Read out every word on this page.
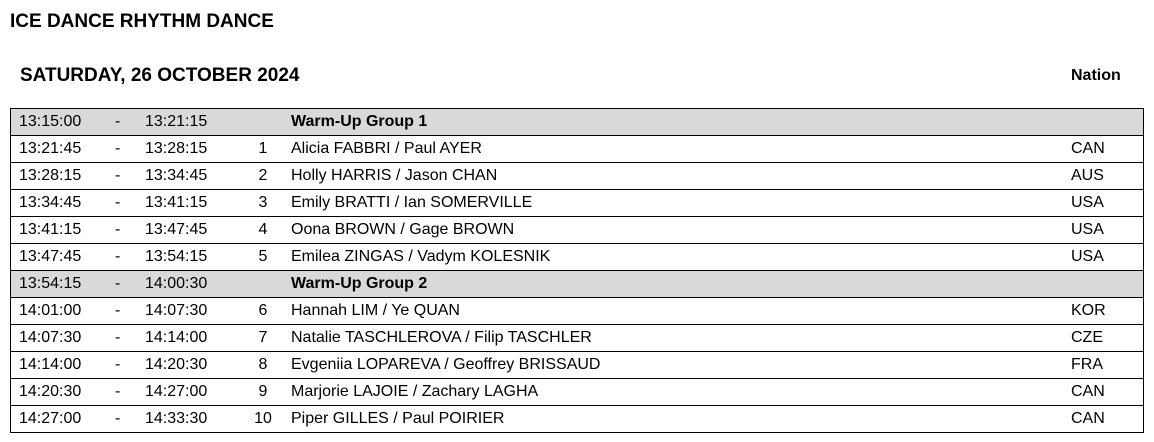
ICE DANCE RHYTHM DANCE
SATURDAY, 26 OCTOBER 2024	Nation
13:15:00	-	13:21:15		Warm-Up Group 1	
13:21:45	-	13:28:15	1	Alicia FABBRI / Paul AYER	CAN
13:28:15	-	13:34:45	2	Holly HARRIS / Jason CHAN	AUS
13:34:45	-	13:41:15	3	Emily BRATTI / Ian SOMERVILLE	USA
13:41:15	-	13:47:45	4	Oona BROWN / Gage BROWN	USA
13:47:45	-	13:54:15	5	Emilea ZINGAS / Vadym KOLESNIK	USA
13:54:15	-	14:00:30		Warm-Up Group 2	
14:01:00	-	14:07:30	6	Hannah LIM / Ye QUAN	KOR
14:07:30	-	14:14:00	7	Natalie TASCHLEROVA / Filip TASCHLER	CZE
14:14:00	-	14:20:30	8	Evgeniia LOPAREVA / Geoffrey BRISSAUD	FRA
14:20:30	-	14:27:00	9	Marjorie LAJOIE / Zachary LAGHA	CAN
14:27:00	-	14:33:30	10	Piper GILLES / Paul POIRIER	CAN
